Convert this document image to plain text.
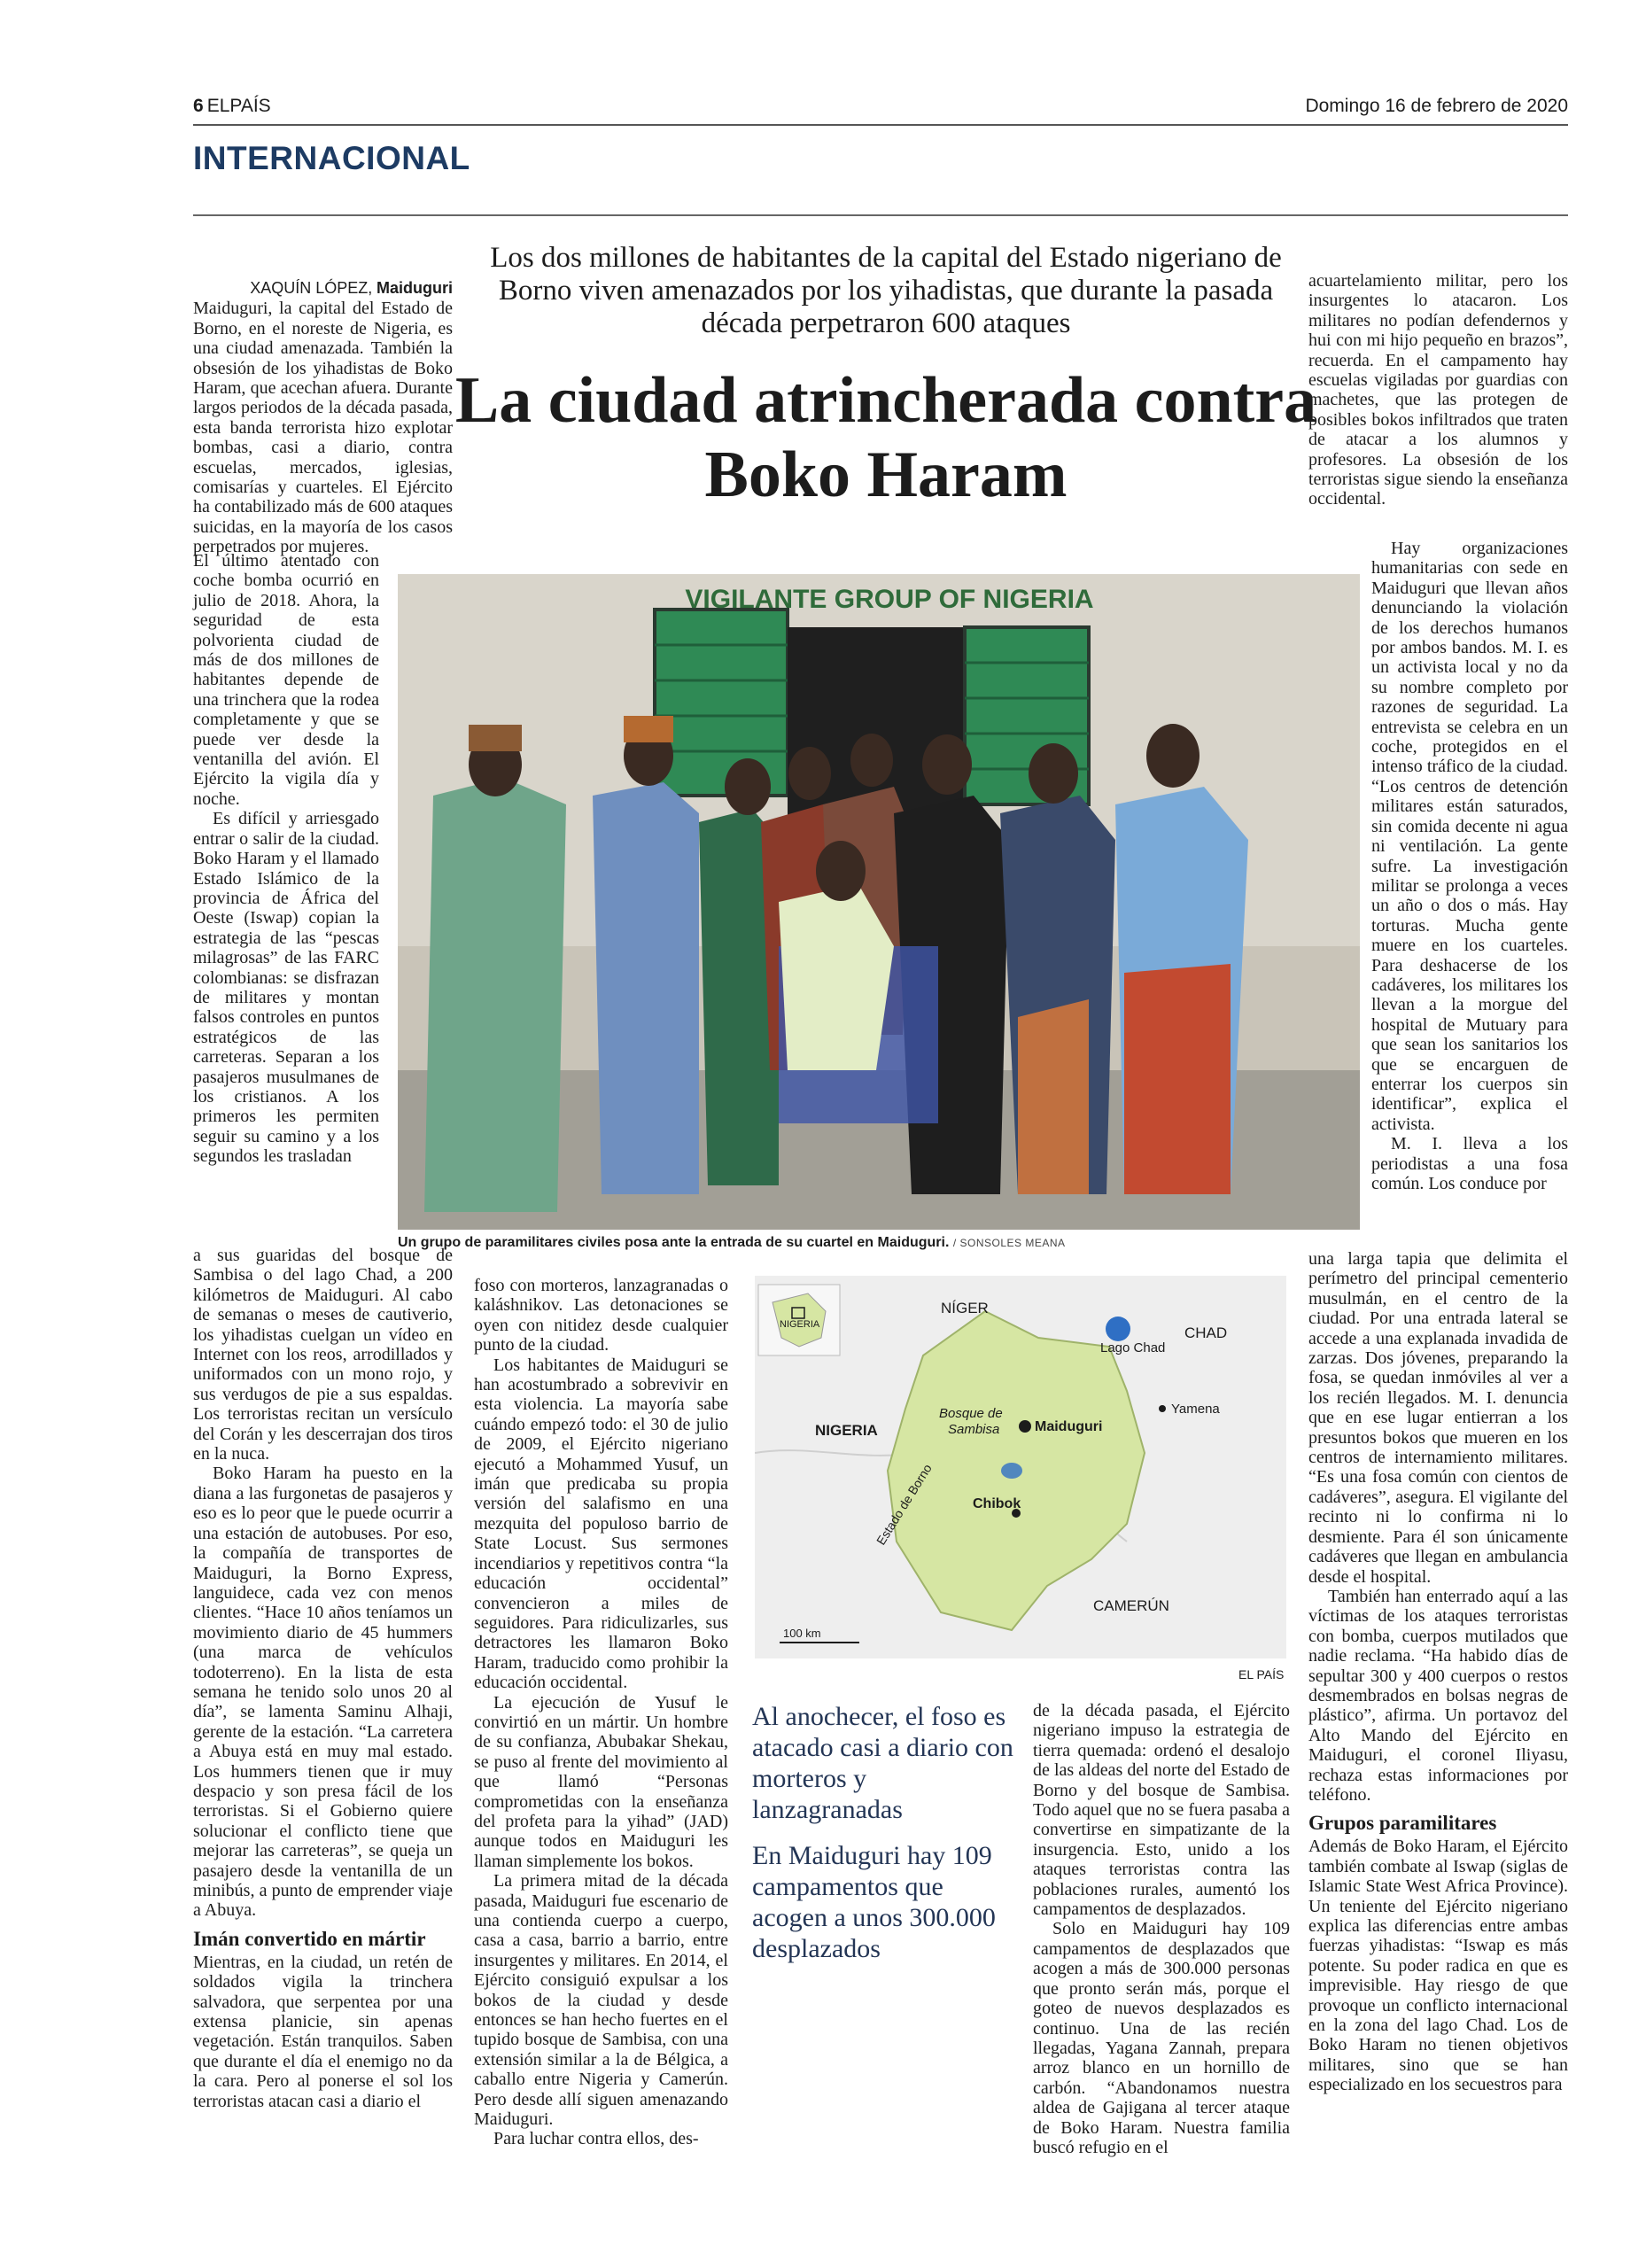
6 ELPAÍS	Domingo 16 de febrero de 2020
INTERNACIONAL
Los dos millones de habitantes de la capital del Estado nigeriano de Borno viven amenazados por los yihadistas, que durante la pasada década perpetraron 600 ataques
La ciudad atrincherada contra Boko Haram

XAQUÍN LÓPEZ, Maiduguri

Maiduguri, la capital del Estado de Borno, en el noreste de Nigeria, es una ciudad amenazada. También la obsesión de los yihadistas de Boko Haram, que acechan afuera. Durante largos periodos de la década pasada, esta banda terrorista hizo explotar bombas, casi a diario, contra escuelas, mercados, iglesias, comisarías y cuarteles. El Ejército ha contabilizado más de 600 ataques suicidas, en la mayoría de los casos perpetrados por mujeres.

El último atentado con coche bomba ocurrió en julio de 2018. Ahora, la seguridad de esta polvorienta ciudad de más de dos millones de habitantes depende de una trinchera que la rodea completamente y que se puede ver desde la ventanilla del avión. El Ejército la vigila día y noche.

Es difícil y arriesgado entrar o salir de la ciudad. Boko Haram y el llamado Estado Islámico de la provincia de África del Oeste (Iswap) copian la estrategia de las “pescas milagrosas” de las FARC colombianas: se disfrazan de militares y montan falsos controles en puntos estratégicos de las carreteras. Separan a los pasajeros musulmanes de los cristianos. A los primeros les permiten seguir su camino y a los segundos les trasladan

a sus guaridas del bosque de Sambisa o del lago Chad, a 200 kilómetros de Maiduguri. Al cabo de semanas o meses de cautiverio, los yihadistas cuelgan un vídeo en Internet con los reos, arrodillados y uniformados con un mono rojo, y sus verdugos de pie a sus espaldas. Los terroristas recitan un versículo del Corán y les descerrajan dos tiros en la nuca.

Boko Haram ha puesto en la diana a las furgonetas de pasajeros y eso es lo peor que le puede ocurrir a una estación de autobuses. Por eso, la compañía de transportes de Maiduguri, la Borno Express, languidece, cada vez con menos clientes. “Hace 10 años teníamos un movimiento diario de 45 hummers (una marca de vehículos todoterreno). En la lista de esta semana he tenido solo unos 20 al día”, se lamenta Saminu Alhaji, gerente de la estación. “La carretera a Abuya está en muy mal estado. Los hummers tienen que ir muy despacio y son presa fácil de los terroristas. Si el Gobierno quiere solucionar el conflicto tiene que mejorar las carreteras”, se queja un pasajero desde la ventanilla de un minibús, a punto de emprender viaje a Abuya.

Imán convertido en mártir

Mientras, en la ciudad, un retén de soldados vigila la trinchera salvadora, que serpentea por una extensa planicie, sin apenas vegetación. Están tranquilos. Saben que durante el día el enemigo no da la cara. Pero al ponerse el sol los terroristas atacan casi a diario el

VIGILANTE GROUP OF NIGERIA
Un grupo de paramilitares civiles posa ante la entrada de su cuartel en Maiduguri. / SONSOLES MEANA

foso con morteros, lanzagranadas o kaláshnikov. Las detonaciones se oyen con nitidez desde cualquier punto de la ciudad.

Los habitantes de Maiduguri se han acostumbrado a sobrevivir en esta violencia. La mayoría sabe cuándo empezó todo: el 30 de julio de 2009, el Ejército nigeriano ejecutó a Mohammed Yusuf, un imán que predicaba su propia versión del salafismo en una mezquita del populoso barrio de State Locust. Sus sermones incendiarios y repetitivos contra “la educación occidental” convencieron a miles de seguidores. Para ridiculizarles, sus detractores les llamaron Boko Haram, traducido como prohibir la educación occidental.

La ejecución de Yusuf le convirtió en un mártir. Un hombre de su confianza, Abubakar Shekau, se puso al frente del movimiento al que llamó “Personas comprometidas con la enseñanza del profeta para la yihad” (JAD) aunque todos en Maiduguri les llaman simplemente los bokos.

La primera mitad de la década pasada, Maiduguri fue escenario de una contienda cuerpo a cuerpo, casa a casa, barrio a barrio, entre insurgentes y militares. En 2014, el Ejército consiguió expulsar a los bokos de la ciudad y desde entonces se han hecho fuertes en el tupido bosque de Sambisa, con una extensión similar a la de Bélgica, a caballo entre Nigeria y Camerún. Pero desde allí siguen amenazando Maiduguri.

Para luchar contra ellos, des-

NIGERIA
NÍGER
CHAD
NIGERIA
CAMERÚN
Lago Chad
Bosque de
Sambisa Maiduguri
Chibok
Yamena
Estado de Borno
100 km
EL PAÍS
Al anochecer, el foso es atacado casi a diario con morteros y lanzagranadas
En Maiduguri hay 109 campamentos que acogen a unos 300.000 desplazados

de la década pasada, el Ejército nigeriano impuso la estrategia de tierra quemada: ordenó el desalojo de las aldeas del norte del Estado de Borno y del bosque de Sambisa. Todo aquel que no se fuera pasaba a convertirse en simpatizante de la insurgencia. Esto, unido a los ataques terroristas contra las poblaciones rurales, aumentó los campamentos de desplazados.

Solo en Maiduguri hay 109 campamentos de desplazados que acogen a más de 300.000 personas que pronto serán más, porque el goteo de nuevos desplazados es continuo. Una de las recién llegadas, Yagana Zannah, prepara arroz blanco en un hornillo de carbón. “Abandonamos nuestra aldea de Gajigana al tercer ataque de Boko Haram. Nuestra familia buscó refugio en el

acuartelamiento militar, pero los insurgentes lo atacaron. Los militares no podían defendernos y hui con mi hijo pequeño en brazos”, recuerda. En el campamento hay escuelas vigiladas por guardias con machetes, que las protegen de posibles bokos infiltrados que traten de atacar a los alumnos y profesores. La obsesión de los terroristas sigue siendo la enseñanza occidental.

Hay organizaciones humanitarias con sede en Maiduguri que llevan años denunciando la violación de los derechos humanos por ambos bandos. M. I. es un activista local y no da su nombre completo por razones de seguridad. La entrevista se celebra en un coche, protegidos en el intenso tráfico de la ciudad. “Los centros de detención militares están saturados, sin comida decente ni agua ni ventilación. La gente sufre. La investigación militar se prolonga a veces un año o dos o más. Hay torturas. Mucha gente muere en los cuarteles. Para deshacerse de los cadáveres, los militares los llevan a la morgue del hospital de Mutuary para que sean los sanitarios los que se encarguen de enterrar los cuerpos sin identificar”, explica el activista.

M. I. lleva a los periodistas a una fosa común. Los conduce por

una larga tapia que delimita el perímetro del principal cementerio musulmán, en el centro de la ciudad. Por una entrada lateral se accede a una explanada invadida de zarzas. Dos jóvenes, preparando la fosa, se quedan inmóviles al ver a los recién llegados. M. I. denuncia que en ese lugar entierran a los presuntos bokos que mueren en los centros de internamiento militares. “Es una fosa común con cientos de cadáveres”, asegura. El vigilante del recinto ni lo confirma ni lo desmiente. Para él son únicamente cadáveres que llegan en ambulancia desde el hospital.

También han enterrado aquí a las víctimas de los ataques terroristas con bomba, cuerpos mutilados que nadie reclama. “Ha habido días de sepultar 300 y 400 cuerpos o restos desmembrados en bolsas negras de plástico”, afirma. Un portavoz del Alto Mando del Ejército en Maiduguri, el coronel Iliyasu, rechaza estas informaciones por teléfono.

Grupos paramilitares

Además de Boko Haram, el Ejército también combate al Iswap (siglas de Islamic State West Africa Province). Un teniente del Ejército nigeriano explica las diferencias entre ambas fuerzas yihadistas: “Iswap es más potente. Su poder radica en que es imprevisible. Hay riesgo de que provoque un conflicto internacional en la zona del lago Chad. Los de Boko Haram no tienen objetivos militares, sino que se han especializado en los secuestros para
